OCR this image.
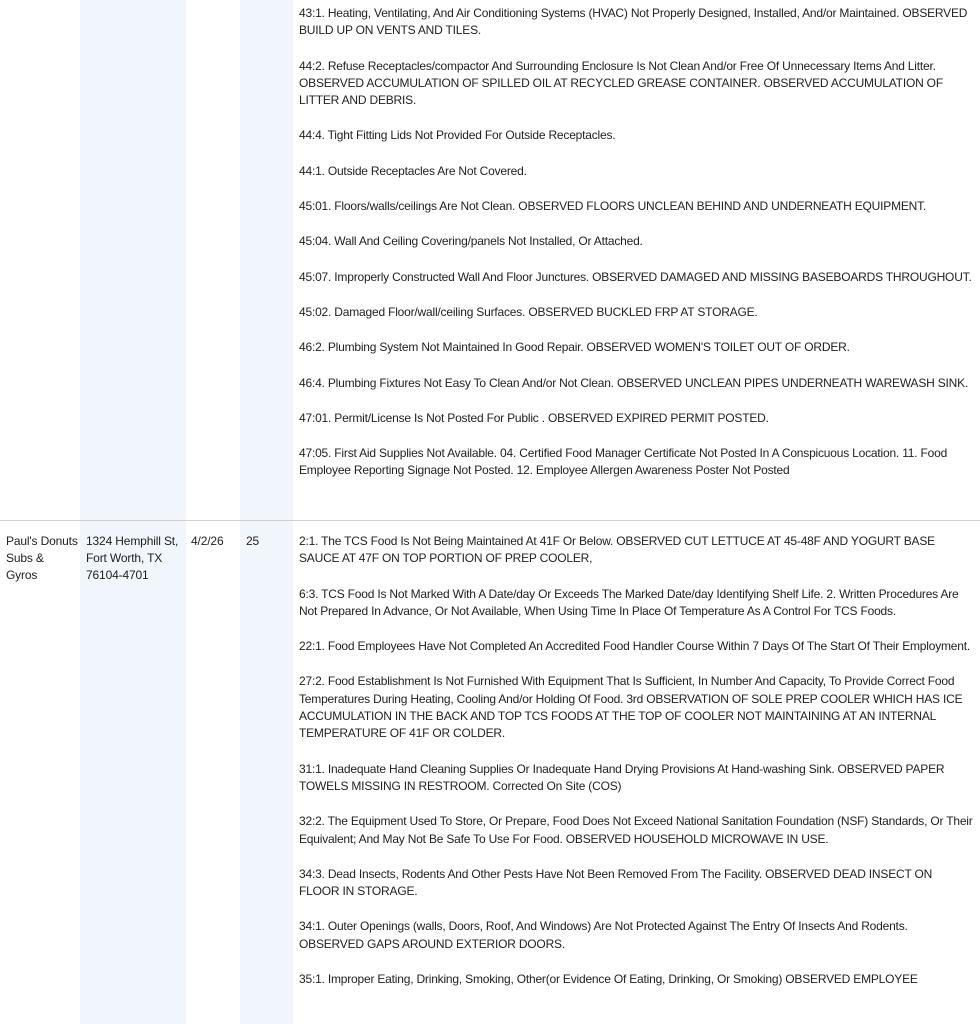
43:1. Heating, Ventilating, And Air Conditioning Systems (HVAC) Not Properly Designed, Installed, And/or Maintained. OBSERVED BUILD UP ON VENTS AND TILES.

44:2. Refuse Receptacles/compactor And Surrounding Enclosure Is Not Clean And/or Free Of Unnecessary Items And Litter. OBSERVED ACCUMULATION OF SPILLED OIL AT RECYCLED GREASE CONTAINER. OBSERVED ACCUMULATION OF LITTER AND DEBRIS.

44:4. Tight Fitting Lids Not Provided For Outside Receptacles.

44:1. Outside Receptacles Are Not Covered.

45:01. Floors/walls/ceilings Are Not Clean. OBSERVED FLOORS UNCLEAN BEHIND AND UNDERNEATH EQUIPMENT.

45:04. Wall And Ceiling Covering/panels Not Installed, Or Attached.

45:07. Improperly Constructed Wall And Floor Junctures. OBSERVED DAMAGED AND MISSING BASEBOARDS THROUGHOUT.

45:02. Damaged Floor/wall/ceiling Surfaces. OBSERVED BUCKLED FRP AT STORAGE.

46:2. Plumbing System Not Maintained In Good Repair. OBSERVED WOMEN'S TOILET OUT OF ORDER.

46:4. Plumbing Fixtures Not Easy To Clean And/or Not Clean. OBSERVED UNCLEAN PIPES UNDERNEATH WAREWASH SINK.

47:01. Permit/License Is Not Posted For Public . OBSERVED EXPIRED PERMIT POSTED.

47:05. First Aid Supplies Not Available. 04. Certified Food Manager Certificate Not Posted In A Conspicuous Location. 11. Food Employee Reporting Signage Not Posted. 12. Employee Allergen Awareness Poster Not Posted

Paul's Donuts Subs & Gyros
1324 Hemphill St, Fort Worth, TX 76104-4701
4/2/26	25	2:1. The TCS Food Is Not Being Maintained At 41F Or Below. OBSERVED CUT LETTUCE AT 45-48F AND YOGURT BASE SAUCE AT 47F ON TOP PORTION OF PREP COOLER,

6:3. TCS Food Is Not Marked With A Date/day Or Exceeds The Marked Date/day Identifying Shelf Life. 2. Written Procedures Are Not Prepared In Advance, Or Not Available, When Using Time In Place Of Temperature As A Control For TCS Foods.

22:1. Food Employees Have Not Completed An Accredited Food Handler Course Within 7 Days Of The Start Of Their Employment.

27:2. Food Establishment Is Not Furnished With Equipment That Is Sufficient, In Number And Capacity, To Provide Correct Food Temperatures During Heating, Cooling And/or Holding Of Food. 3rd OBSERVATION OF SOLE PREP COOLER WHICH HAS ICE ACCUMULATION IN THE BACK AND TOP TCS FOODS AT THE TOP OF COOLER NOT MAINTAINING AT AN INTERNAL TEMPERATURE OF 41F OR COLDER.

31:1. Inadequate Hand Cleaning Supplies Or Inadequate Hand Drying Provisions At Hand-washing Sink. OBSERVED PAPER TOWELS MISSING IN RESTROOM. Corrected On Site (COS)

32:2. The Equipment Used To Store, Or Prepare, Food Does Not Exceed National Sanitation Foundation (NSF) Standards, Or Their Equivalent; And May Not Be Safe To Use For Food. OBSERVED HOUSEHOLD MICROWAVE IN USE.

34:3. Dead Insects, Rodents And Other Pests Have Not Been Removed From The Facility. OBSERVED DEAD INSECT ON FLOOR IN STORAGE.

34:1. Outer Openings (walls, Doors, Roof, And Windows) Are Not Protected Against The Entry Of Insects And Rodents. OBSERVED GAPS AROUND EXTERIOR DOORS.

35:1. Improper Eating, Drinking, Smoking, Other(or Evidence Of Eating, Drinking, Or Smoking) OBSERVED EMPLOYEE
